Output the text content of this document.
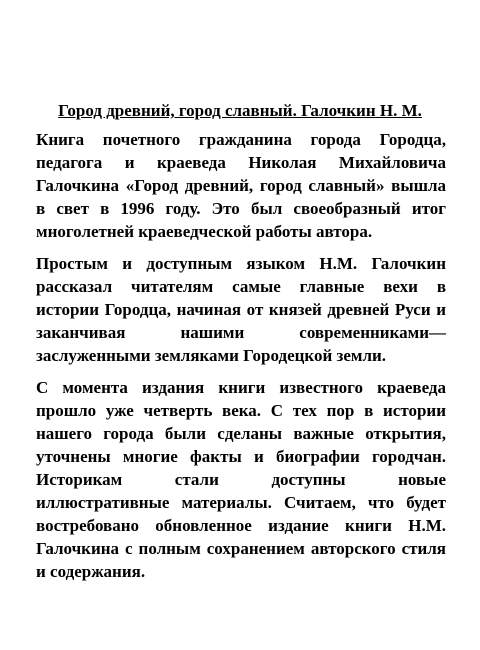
Город древний, город славный. Галочкин Н. М.
Книга почетного гражданина города Городца,
педагога и краеведа Николая Михайловича
Галочкина «Город древний, город славный» вышла
в свет в 1996 году. Это был своеобразный итог
многолетней краеведческой работы автора.
Простым и доступным языком Н.М. Галочкин
рассказал читателям самые главные вехи в
истории Городца, начиная от князей древней Руси и
заканчивая нашими современниками—
заслуженными земляками Городецкой земли.
С момента издания книги известного краеведа
прошло уже четверть века. С тех пор в истории
нашего города были сделаны важные открытия,
уточнены многие факты и биографии городчан.
Историкам стали доступны новые
иллюстративные материалы. Считаем, что будет
востребовано обновленное издание книги Н.М.
Галочкина с полным сохранением авторского стиля
и содержания.
